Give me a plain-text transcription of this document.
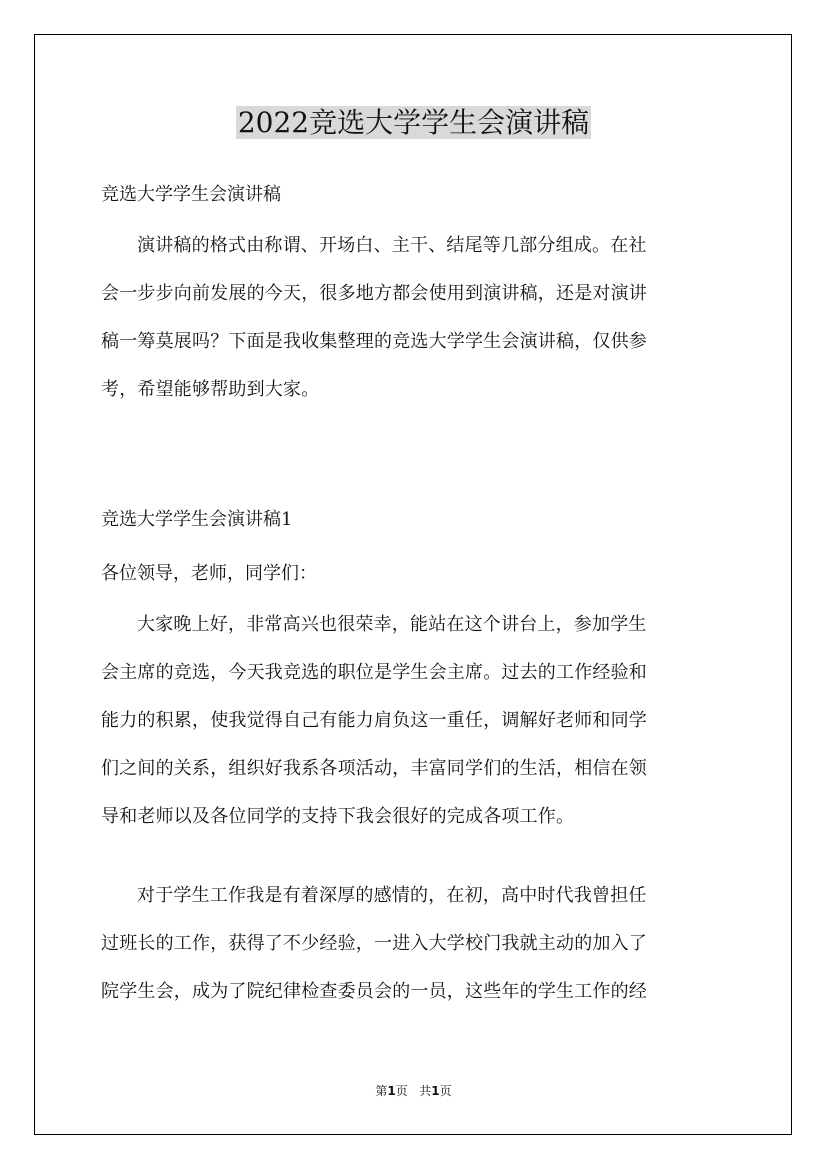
2022竞选大学学生会演讲稿
竞选大学学生会演讲稿
演讲稿的格式由称谓、开场白、主干、结尾等几部分组成。在社
会一步步向前发展的今天，很多地方都会使用到演讲稿，还是对演讲
稿一筹莫展吗？下面是我收集整理的竞选大学学生会演讲稿，仅供参
考，希望能够帮助到大家。
竞选大学学生会演讲稿1
各位领导，老师，同学们：
大家晚上好，非常高兴也很荣幸，能站在这个讲台上，参加学生
会主席的竞选，今天我竞选的职位是学生会主席。过去的工作经验和
能力的积累，使我觉得自己有能力肩负这一重任，调解好老师和同学
们之间的关系，组织好我系各项活动，丰富同学们的生活，相信在领
导和老师以及各位同学的支持下我会很好的完成各项工作。
对于学生工作我是有着深厚的感情的，在初，高中时代我曾担任
过班长的工作，获得了不少经验，一进入大学校门我就主动的加入了
院学生会，成为了院纪律检查委员会的一员，这些年的学生工作的经
第1页 共1页
